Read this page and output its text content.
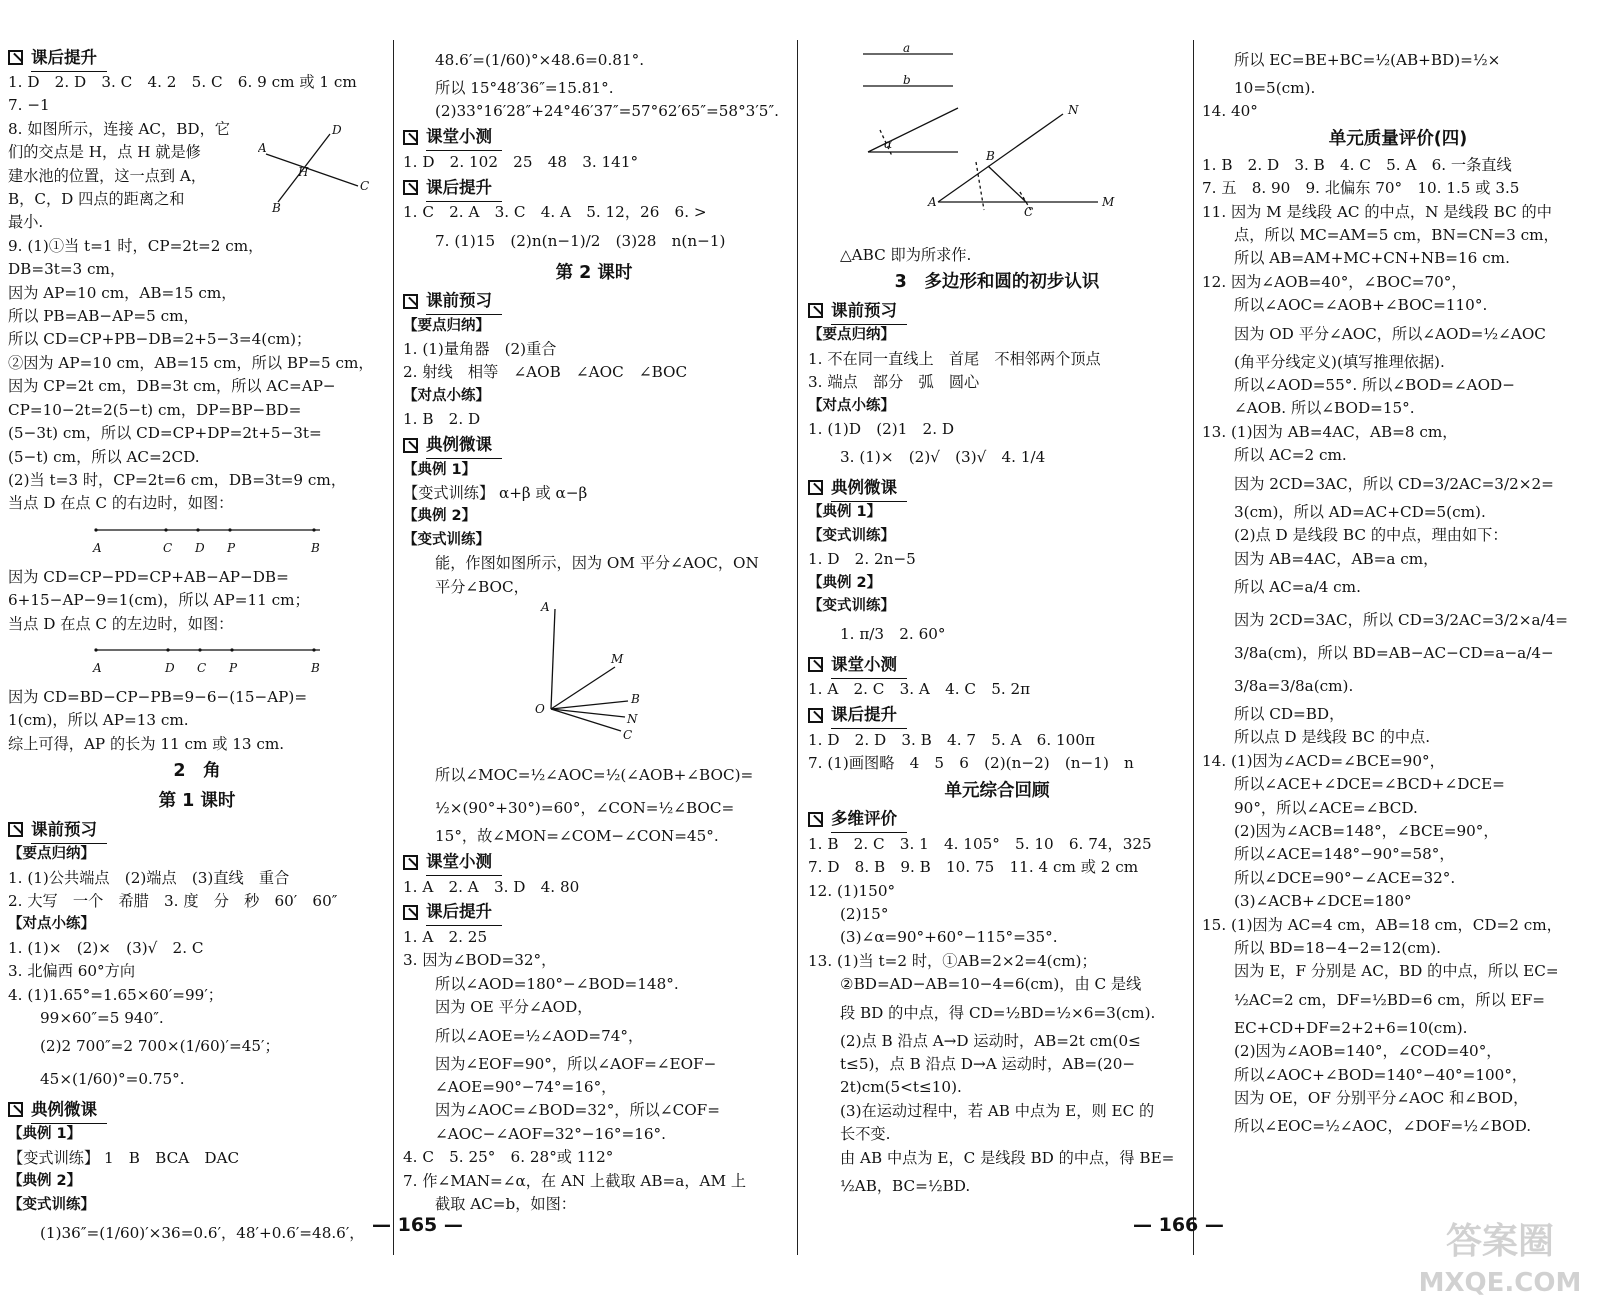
课后提升
1. D　2. D　3. C　4. 2　5. C　6. 9 cm 或 1 cm
7. −1
8. 如图所示，连接 AC，BD，它
们的交点是 H，点 H 就是修
建水池的位置，这一点到 A，
B，C，D 四点的距离之和
最小.
9. (1)①当 t=1 时，CP=2t=2 cm，
DB=3t=3 cm，
因为 AP=10 cm，AB=15 cm，
所以 PB=AB−AP=5 cm，
所以 CD=CP+PB−DB=2+5−3=4(cm)；
②因为 AP=10 cm，AB=15 cm，所以 BP=5 cm，
因为 CP=2t cm，DB=3t cm，所以 AC=AP−
CP=10−2t=2(5−t) cm，DP=BP−BD=
(5−3t) cm，所以 CD=CP+DP=2t+5−3t=
(5−t) cm，所以 AC=2CD.
(2)当 t=3 时，CP=2t=6 cm，DB=3t=9 cm，
当点 D 在点 C 的右边时，如图：
A	C D P	B
因为 CD=CP−PD=CP+AB−AP−DB=
6+15−AP−9=1(cm)，所以 AP=11 cm；
当点 D 在点 C 的左边时，如图：
A	D C P	B
因为 CD=BD−CP−PB=9−6−(15−AP)=
1(cm)，所以 AP=13 cm.
综上可得，AP 的长为 11 cm 或 13 cm.
2　角
第 1 课时
课前预习
【要点归纳】
1. (1)公共端点　(2)端点　(3)直线　重合
2. 大写　一个　希腊　3. 度　分　秒　60′　60″
【对点小练】
1. (1)×　(2)×　(3)√　2. C
3. 北偏西 60°方向
4. (1)1.65°=1.65×60′=99′；
99×60″=5 940″.
(2)2 700″=2 700×(1/60)′=45′；
45×(1/60)°=0.75°.
典例微课
【典例 1】
【变式训练】 1　B　BCA　DAC
【典例 2】
【变式训练】
(1)36″=(1/60)′×36=0.6′，48′+0.6′=48.6′，
A
B
C
D
H
48.6′=(1/60)°×48.6=0.81°.
所以 15°48′36″=15.81°.
(2)33°16′28″+24°46′37″=57°62′65″=58°3′5″.
课堂小测
1. D　2. 102　25　48　3. 141°
课后提升
1. C　2. A　3. C　4. A　5. 12，26　6. >
7. (1)15　(2)n(n−1)/2　(3)28　n(n−1)
第 2 课时
课前预习
【要点归纳】
1. (1)量角器　(2)重合
2. 射线　相等　∠AOB　∠AOC　∠BOC
【对点小练】
1. B　2. D
典例微课
【典例 1】
【变式训练】 α+β 或 α−β
【典例 2】
【变式训练】
能，作图如图所示，因为 OM 平分∠AOC，ON
平分∠BOC，
A
M
O
B
N
C
所以∠MOC=½∠AOC=½(∠AOB+∠BOC)=
½×(90°+30°)=60°，∠CON=½∠BOC=
15°，故∠MON=∠COM−∠CON=45°.
课堂小测
1. A　2. A　3. D　4. 80
课后提升
1. A　2. 25
3. 因为∠BOD=32°，
所以∠AOD=180°−∠BOD=148°.
因为 OE 平分∠AOD，
所以∠AOE=½∠AOD=74°，
因为∠EOF=90°，所以∠AOF=∠EOF−
∠AOE=90°−74°=16°，
因为∠AOC=∠BOD=32°，所以∠COF=
∠AOC−∠AOF=32°−16°=16°.
4. C　5. 25°　6. 28°或 112°
7. 作∠MAN=∠α，在 AN 上截取 AB=a，AM 上
截取 AC=b，如图：
a
b
α
N
B
A
C
M
△ABC 即为所求作.
3　多边形和圆的初步认识
课前预习
【要点归纳】
1. 不在同一直线上　首尾　不相邻两个顶点
3. 端点　部分　弧　圆心
【对点小练】
1. (1)D　(2)1　2. D
3. (1)×　(2)√　(3)√　4. 1/4
典例微课
【典例 1】
【变式训练】
1. D　2. 2n−5
【典例 2】
【变式训练】
1. π/3　2. 60°
课堂小测
1. A　2. C　3. A　4. C　5. 2π
课后提升
1. D　2. D　3. B　4. 7　5. A　6. 100π
7. (1)画图略　4　5　6　(2)(n−2)　(n−1)　n
单元综合回顾
多维评价
1. B　2. C　3. 1　4. 105°　5. 10　6. 74，325
7. D　8. B　9. B　10. 75　11. 4 cm 或 2 cm
12. (1)150°
(2)15°
(3)∠α=90°+60°−115°=35°.
13. (1)当 t=2 时，①AB=2×2=4(cm)；
②BD=AD−AB=10−4=6(cm)，由 C 是线
段 BD 的中点，得 CD=½BD=½×6=3(cm).
(2)点 B 沿点 A→D 运动时，AB=2t cm(0≤
t≤5)，点 B 沿点 D→A 运动时，AB=(20−
2t)cm(5<t≤10).
(3)在运动过程中，若 AB 中点为 E，则 EC 的
长不变.
由 AB 中点为 E，C 是线段 BD 的中点，得 BE=
½AB，BC=½BD.
所以 EC=BE+BC=½(AB+BD)=½×
10=5(cm).
14. 40°
单元质量评价(四)
1. B　2. D　3. B　4. C　5. A　6. 一条直线
7. 五　8. 90　9. 北偏东 70°　10. 1.5 或 3.5
11. 因为 M 是线段 AC 的中点，N 是线段 BC 的中
点，所以 MC=AM=5 cm，BN=CN=3 cm，
所以 AB=AM+MC+CN+NB=16 cm.
12. 因为∠AOB=40°，∠BOC=70°，
所以∠AOC=∠AOB+∠BOC=110°.
因为 OD 平分∠AOC，所以∠AOD=½∠AOC
(角平分线定义)(填写推理依据).
所以∠AOD=55°. 所以∠BOD=∠AOD−
∠AOB. 所以∠BOD=15°.
13. (1)因为 AB=4AC，AB=8 cm，
所以 AC=2 cm.
因为 2CD=3AC，所以 CD=3/2AC=3/2×2=
3(cm)，所以 AD=AC+CD=5(cm).
(2)点 D 是线段 BC 的中点，理由如下：
因为 AB=4AC，AB=a cm，
所以 AC=a/4 cm.
因为 2CD=3AC，所以 CD=3/2AC=3/2×a/4=
3/8a(cm)，所以 BD=AB−AC−CD=a−a/4−
3/8a=3/8a(cm).
所以 CD=BD，
所以点 D 是线段 BC 的中点.
14. (1)因为∠ACD=∠BCE=90°，
所以∠ACE+∠DCE=∠BCD+∠DCE=
90°，所以∠ACE=∠BCD.
(2)因为∠ACB=148°，∠BCE=90°，
所以∠ACE=148°−90°=58°，
所以∠DCE=90°−∠ACE=32°.
(3)∠ACB+∠DCE=180°
15. (1)因为 AC=4 cm，AB=18 cm，CD=2 cm，
所以 BD=18−4−2=12(cm).
因为 E，F 分别是 AC，BD 的中点，所以 EC=
½AC=2 cm，DF=½BD=6 cm，所以 EF=
EC+CD+DF=2+2+6=10(cm).
(2)因为∠AOB=140°，∠COD=40°，
所以∠AOC+∠BOD=140°−40°=100°，
因为 OE，OF 分别平分∠AOC 和∠BOD，
所以∠EOC=½∠AOC，∠DOF=½∠BOD.
— 165 —	— 166 —	答案圈
MXQE.COM
